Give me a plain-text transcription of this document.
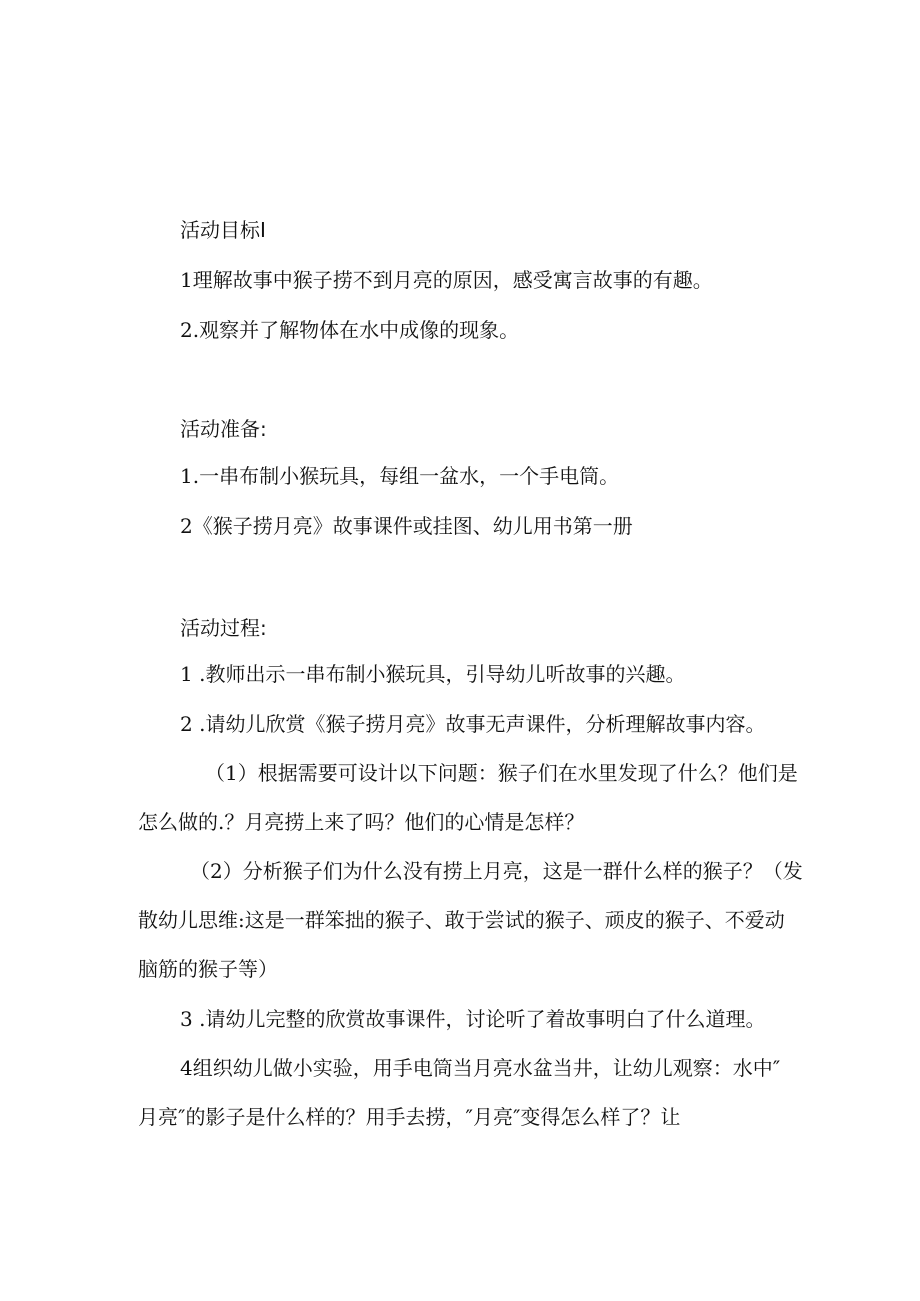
活动目标I
1理解故事中猴子捞不到月亮的原因，感受寓言故事的有趣。
2.观察并了解物体在水中成像的现象。
活动准备:
1.一串布制小猴玩具，每组一盆水，一个手电筒。
2《猴子捞月亮》故事课件或挂图、幼儿用书第一册
活动过程:
1 .教师出示一串布制小猴玩具，引导幼儿听故事的兴趣。
2 .请幼儿欣赏《猴子捞月亮》故事无声课件，分析理解故事内容。
（1）根据需要可设计以下问题：猴子们在水里发现了什么？他们是
怎么做的.？月亮捞上来了吗？他们的心情是怎样？
（2）分析猴子们为什么没有捞上月亮，这是一群什么样的猴子？（发
散幼儿思维:这是一群笨拙的猴子、敢于尝试的猴子、顽皮的猴子、不爱动
脑筋的猴子等）
3 .请幼儿完整的欣赏故事课件，讨论听了着故事明白了什么道理。
4组织幼儿做小实验，用手电筒当月亮水盆当井，让幼儿观察：水中″
月亮″的影子是什么样的？用手去捞，″月亮″变得怎么样了？让
